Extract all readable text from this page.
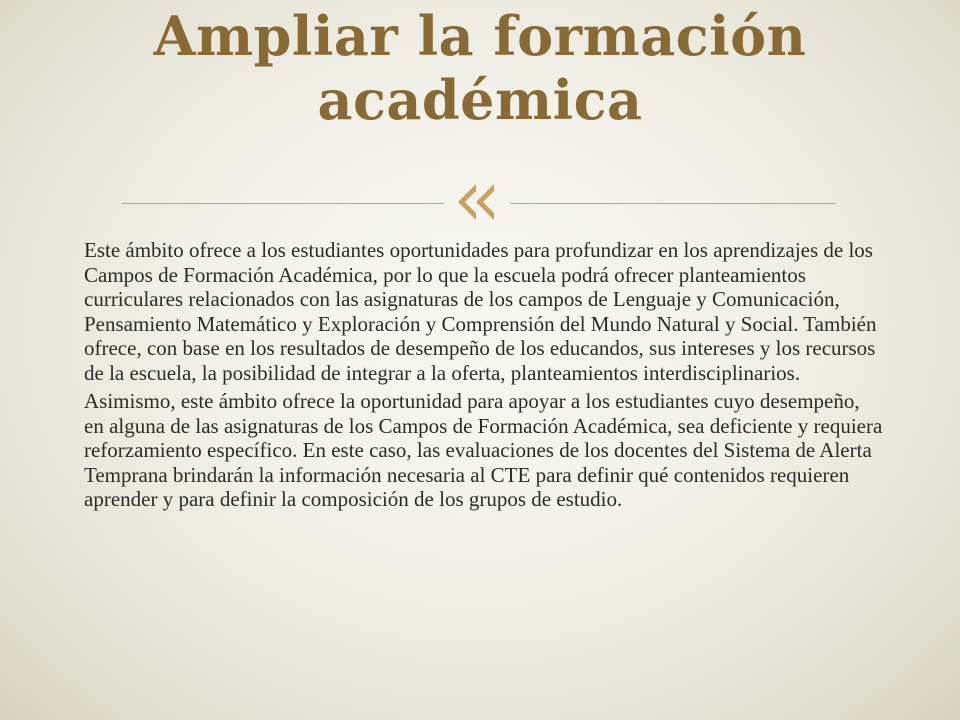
Ampliar la formación
académica

Este ámbito ofrece a los estudiantes oportunidades para profundizar en los aprendizajes de los Campos de Formación Académica, por lo que la escuela podrá ofrecer planteamientos curriculares relacionados con las asignaturas de los campos de Lenguaje y Comunicación, Pensamiento Matemático y Exploración y Comprensión del Mundo Natural y Social. También ofrece, con base en los resultados de desempeño de los educandos, sus intereses y los recursos de la escuela, la posibilidad de integrar a la oferta, planteamientos interdisciplinarios.

Asimismo, este ámbito ofrece la oportunidad para apoyar a los estudiantes cuyo desempeño, en alguna de las asignaturas de los Campos de Formación Académica, sea deficiente y requiera reforzamiento específico. En este caso, las evaluaciones de los docentes del Sistema de Alerta Temprana brindarán la información necesaria al CTE para definir qué contenidos requieren aprender y para definir la composición de los grupos de estudio.
